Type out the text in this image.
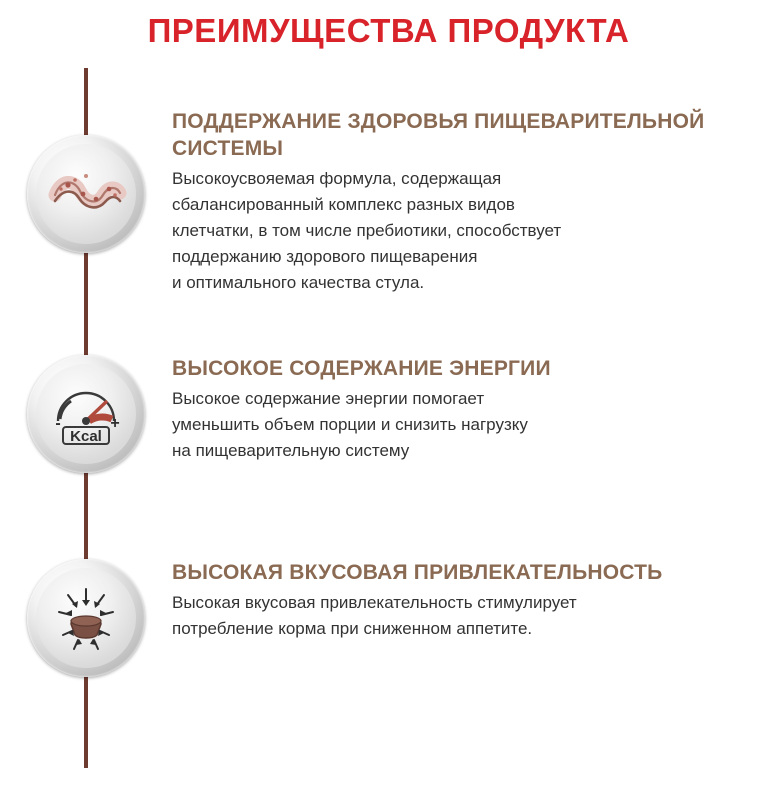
ПРЕИМУЩЕСТВА ПРОДУКТА
ПОДДЕРЖАНИЕ ЗДОРОВЬЯ ПИЩЕВАРИТЕЛЬНОЙ СИСТЕМЫ
Высокоусвояемая формула, содержащая
сбалансированный комплекс разных видов
клетчатки, в том числе пребиотики, способствует
поддержанию здорового пищеварения
и оптимального качества стула.
Kcal
-	+
ВЫСОКОЕ СОДЕРЖАНИЕ ЭНЕРГИИ
Высокое содержание энергии помогает
уменьшить объем порции и снизить нагрузку
на пищеварительную систему
ВЫСОКАЯ ВКУСОВАЯ ПРИВЛЕКАТЕЛЬНОСТЬ
Высокая вкусовая привлекательность стимулирует
потребление корма при сниженном аппетите.
